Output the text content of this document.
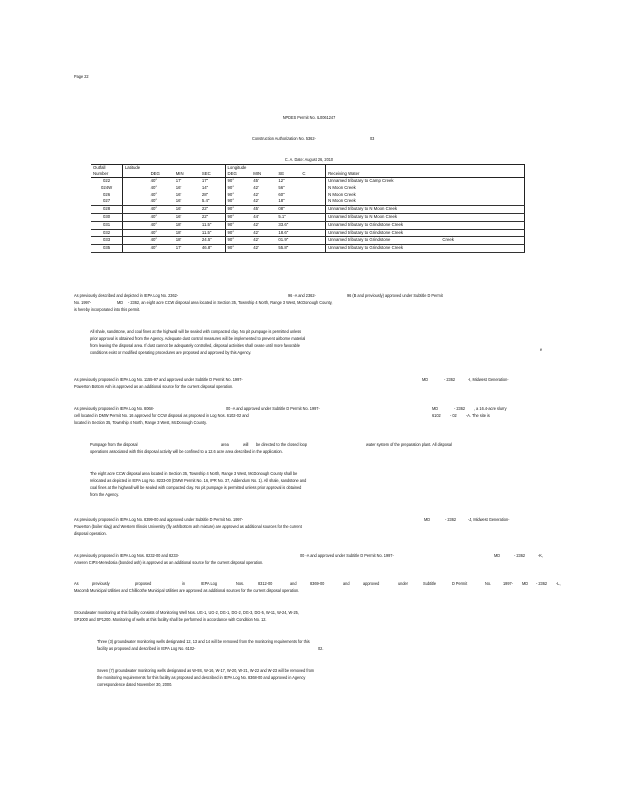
Page 22
NPDES Permit No. IL0061247
Construction Authorization No. 5362-	03
C. A. Date: August 26, 2010
Outfall	Latitude				Longitude				
Number		DEG	MIN	SEC	DEG	MIN	SE	C	Receiving Water
022		40°	17'	17"	90°	45'	12"		Unnamed tributary to Camp Creek
024W		40°	16'	14"	90°	42'	56"		N Moon Creek
026		40°	16'	28"	90°	42'	60"		N Moon Creek
027		40°	16'	5.4"	90°	42'	18"		N Moon Creek
028		40°	16'	22"	90°	45'	08"		Unnamed tributary to N Moon Creek
030		40°	16'	22"	90°	44'	5.1"		Unnamed tributary to N Moon Creek
031		40°	18'	11.5"	90°	42'	33.6"		Unnamed tributary to Grindstone Creek
032		40°	18'	11.5"	90°	42'	18.6"		Unnamed tributary to Grindstone Creek
033		40°	18'	24.5"	90°	42'	01.9"		Unnamed tributary to Grindstone Creek
035		40°	17'	46.8"	90°	42'	55.8"		Unnamed tributary to Grindstone Creek
As previously described and depicted in IEPA Log No. 2362-	96 -A and 2362-	96 (B and previously) approved under Subtitle D Permit
No. 1997-	MD - 2362, an eight acre CCW disposal area located in Section 35, Township 4 North, Range 3 West, McDonough County,
is hereby incorporated into this permit.
All shale, sandstone, and coal fines at the highwall will be sealed with compacted clay. No pit pumpage is permitted unless
prior approval is obtained from the Agency. Adequate dust control measures will be implemented to prevent airborne material
from leaving the disposal area. If dust cannot be adequately controlled, disposal activities shall cease until more favorable
e
conditions exist or modified operating procedures are proposed and approved by this Agency.
As previously proposed in IEPA Log No. 1155-97 and approved under Subtitle D Permit No. 1997-	MD	- 2362	-I, Midwest Generation-
Powerton Bottom Ash is approved as an additional source for the current disposal operation.
As previously proposed in IEPA Log No. 8068-	00 -A and approved under Subtitle D Permit No. 1997-	MD	- 2362 , a 16.4-acre slurry
cell located in DMW Permit No. 16 approved for CCW disposal as proposed in Log Nos. 6102-02 and	6102 - 02 -A. The site is
located in Section 35, Township 4 North, Range 3 West, McDonough County.
Pumpage from the disposal	area	will be directed to the closed loop	water system of the preparation plant. All disposal
operations associated with this disposal activity will be confined to a 12.6 acre area described in the application.
The eight acre CCW disposal area located in Section 35, Township 4 North, Range 3 West, McDonough County shall be
relocated as depicted in IEPA Log No. 8233-00 (DMW Permit No. 16, IPR No. 37, Addendum No. 1). All shale, sandstone and
coal fines at the highwall will be sealed with compacted clay. No pit pumpage is permitted unless prior approval is obtained
from the Agency.
As previously proposed in IEPA Log No. 8399-00 and approved under Subtitle D Permit No. 1997-	MD	- 2362	-J, Midwest Generation-
Powerton (boiler slag) and Western Illinois University (fly ash/bottom ash mixture) are approved as additional sources for the current
disposal operation.
As previously proposed in IEPA Log Nos. 8232-00 and 8233-	00 -A and approved under Subtitle D Permit No. 1997-	MD	- 2362	-K,
Ameren CIPS-Meredosia (bonded ash) is approved as an additional source for the current disposal operation.
As	previously	proposed	in	IEPA Log	Nos.	8312-00	and	8369-00	and	approved	under	Subtitle	D Permit	No.	1997- MD - 2362 -L,
Macomb Municipal Utilities and Chillicothe Municipal Utilities are approved as additional sources for the current disposal operation.
Groundwater monitoring at this facility consists of Monitoring Well Nos. UG-1, UG-2, DG-1, DG-2, DG-3, DG-5, W-11, W-24, W-25,
SP1000 and SP1200. Monitoring of wells at this facility shall be performed in accordance with Condition No. 12.
Three (3) groundwater monitoring wells designated 12, 13 and 14 will be removed from the monitoring requirements for this
facility as proposed and described in IEPA Log No. 6102-	02.
Seven (7) groundwater monitoring wells designated as W-9S, W-16, W-17, W-20, W-21, W-22 and W-23 will be removed from
the monitoring requirements for this facility as proposed and described in IEPA Log No. 8368-00 and approved in Agency
correspondence dated November 30, 2000.
